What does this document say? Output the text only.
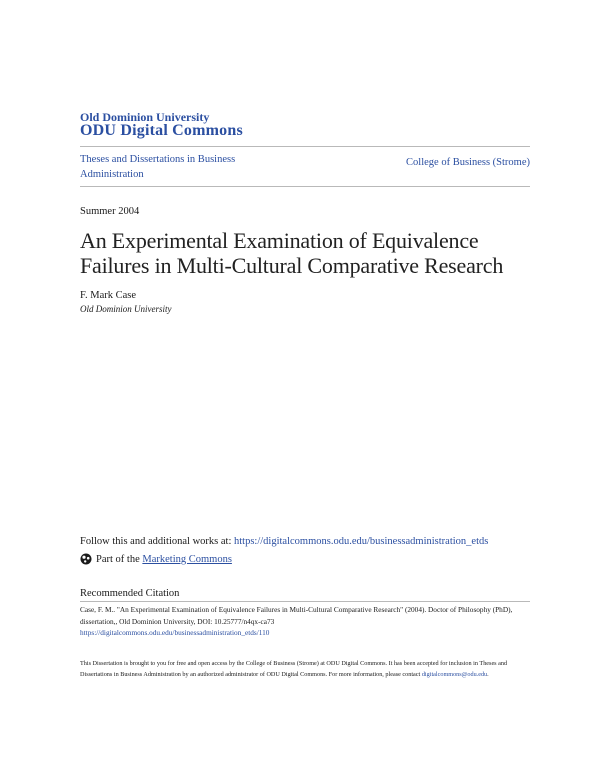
Old Dominion University
ODU Digital Commons
Theses and Dissertations in Business Administration
College of Business (Strome)
Summer 2004
An Experimental Examination of Equivalence Failures in Multi-Cultural Comparative Research
F. Mark Case
Old Dominion University
Follow this and additional works at: https://digitalcommons.odu.edu/businessadministration_etds
Part of the
Marketing Commons
Recommended Citation
Case, F. M.. "An Experimental Examination of Equivalence Failures in Multi-Cultural Comparative Research" (2004). Doctor of Philosophy (PhD), dissertation,, Old Dominion University, DOI: 10.25777/n4qx-ca73
https://digitalcommons.odu.edu/businessadministration_etds/110
This Dissertation is brought to you for free and open access by the College of Business (Strome) at ODU Digital Commons. It has been accepted for inclusion in Theses and Dissertations in Business Administration by an authorized administrator of ODU Digital Commons. For more information, please contact digitalcommons@odu.edu.
